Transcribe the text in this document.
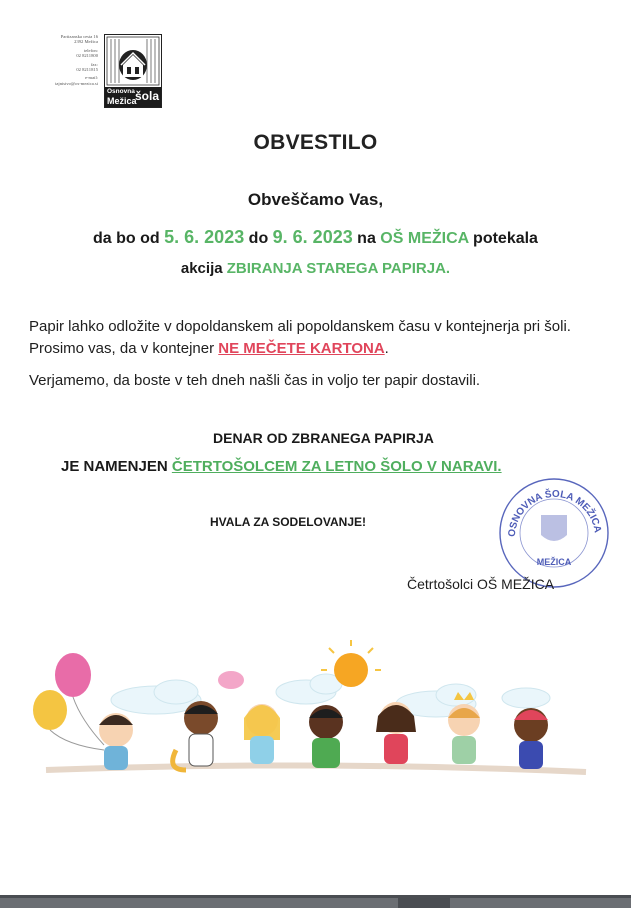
Partizanska cesta 16
2392 Mežica
telefon:
02 8211800
fax:
02 8211815
e-mail:
tajnistvo@os-mezica.si
Osnovna
Mežica
šola
OBVESTILO
Obveščamo Vas,
da bo od 5. 6. 2023 do 9. 6. 2023 na OŠ MEŽICA potekala
akcija ZBIRANJA STAREGA PAPIRJA.
Papir lahko odložite v dopoldanskem ali popoldanskem času v kontejnerja pri šoli. Prosimo vas, da v kontejner NE MEČETE KARTONA.
Verjamemo, da boste v teh dneh našli čas in voljo ter papir dostavili.
DENAR OD ZBRANEGA PAPIRJA
JE NAMENJEN ČETRTOŠOLCEM ZA LETNO ŠOLO V NARAVI.
HVALA ZA SODELOVANJE!
OSNOVNA ŠOLA MEŽICA
MEŽICA
Četrtošolci OŠ MEŽICA
